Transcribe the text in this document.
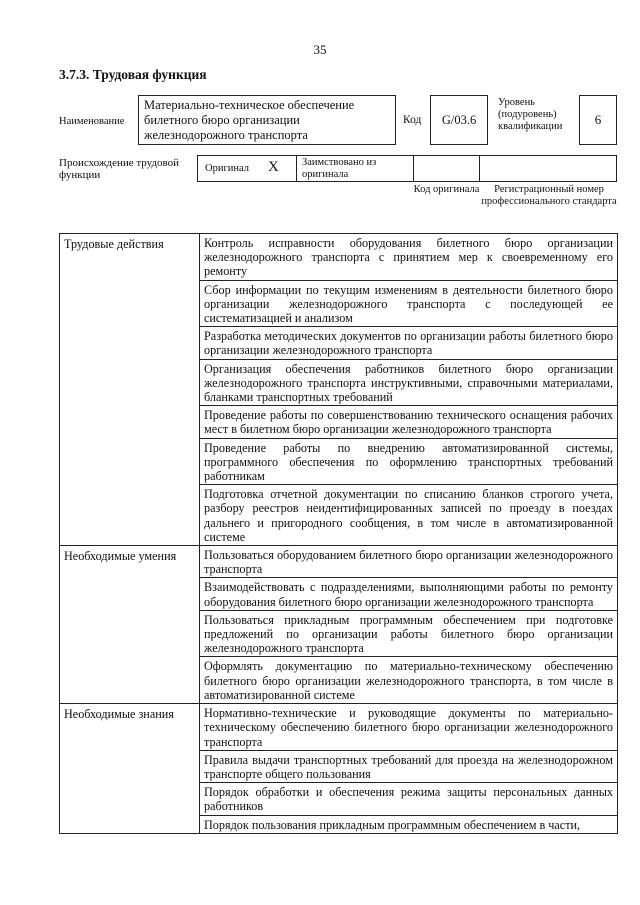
35
3.7.3. Трудовая функция
Наименование
Материально-техническое обеспечение билетного бюро организации железнодорожного транспорта
Код	G/03.6
Уровень (подуровень) квалификации	6
Происхождение трудовой функции
Оригинал X	Заимствовано из оригинала
Код оригинала	Регистрационный номер профессионального стандарта
Трудовые действия	Контроль исправности оборудования билетного бюро организации железнодорожного транспорта с принятием мер к своевременному его ремонту
	Сбор информации по текущим изменениям в деятельности билетного бюро организации железнодорожного транспорта с последующей ее систематизацией и анализом
	Разработка методических документов по организации работы билетного бюро организации железнодорожного транспорта
	Организация обеспечения работников билетного бюро организации железнодорожного транспорта инструктивными, справочными материалами, бланками транспортных требований
	Проведение работы по совершенствованию технического оснащения рабочих мест в билетном бюро организации железнодорожного транспорта
	Проведение работы по внедрению автоматизированной системы, программного обеспечения по оформлению транспортных требований работникам
	Подготовка отчетной документации по списанию бланков строгого учета, разбору реестров неидентифицированных записей по проезду в поездах дальнего и пригородного сообщения, в том числе в автоматизированной системе
Необходимые умения	Пользоваться оборудованием билетного бюро организации железнодорожного транспорта
	Взаимодействовать с подразделениями, выполняющими работы по ремонту оборудования билетного бюро организации железнодорожного транспорта
	Пользоваться прикладным программным обеспечением при подготовке предложений по организации работы билетного бюро организации железнодорожного транспорта
	Оформлять документацию по материально-техническому обеспечению билетного бюро организации железнодорожного транспорта, в том числе в автоматизированной системе
Необходимые знания	Нормативно-технические и руководящие документы по материально-техническому обеспечению билетного бюро организации железнодорожного транспорта
	Правила выдачи транспортных требований для проезда на железнодорожном транспорте общего пользования
	Порядок обработки и обеспечения режима защиты персональных данных работников
	Порядок пользования прикладным программным обеспечением в части,
